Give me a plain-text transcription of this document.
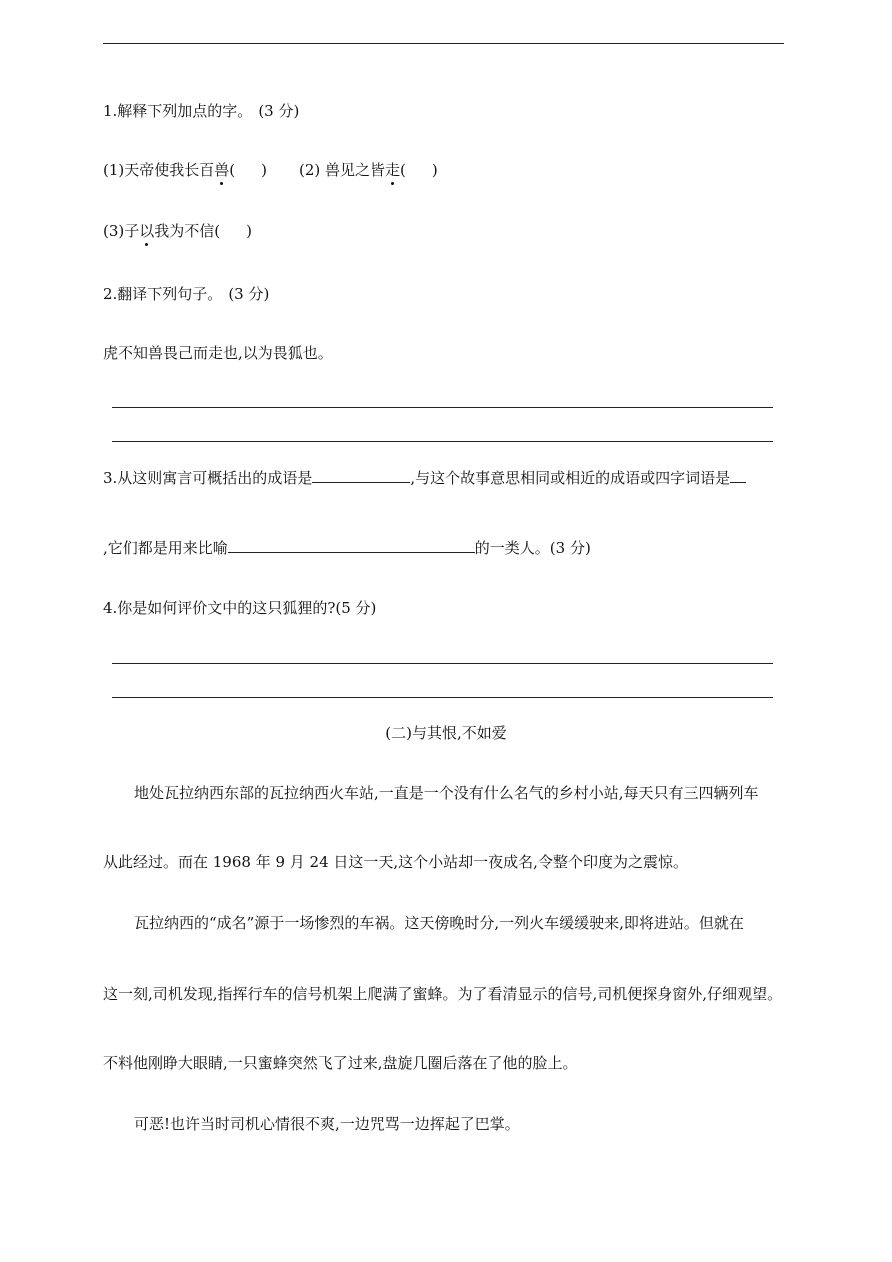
1.解释下列加点的字。 (3 分)
(1)天帝使我长百兽( ) (2) 兽见之皆走( )
(3)子以我为不信( )
2.翻译下列句子。 (3 分)
虎不知兽畏己而走也,以为畏狐也。
3.从这则寓言可概括出的成语是	,与这个故事意思相同或相近的成语或四字词语是
,它们都是用来比喻	的一类人。(3 分)
4.你是如何评价文中的这只狐狸的?(5 分)
(二)与其恨,不如爱
地处瓦拉纳西东部的瓦拉纳西火车站,一直是一个没有什么名气的乡村小站,每天只有三四辆列车
从此经过。而在 1968 年 9 月 24 日这一天,这个小站却一夜成名,令整个印度为之震惊。
瓦拉纳西的“成名”源于一场惨烈的车祸。这天傍晚时分,一列火车缓缓驶来,即将进站。但就在
这一刻,司机发现,指挥行车的信号机架上爬满了蜜蜂。为了看清显示的信号,司机便探身窗外,仔细观望。
不料他刚睁大眼睛,一只蜜蜂突然飞了过来,盘旋几圈后落在了他的脸上。
可恶!也许当时司机心情很不爽,一边咒骂一边挥起了巴掌。
